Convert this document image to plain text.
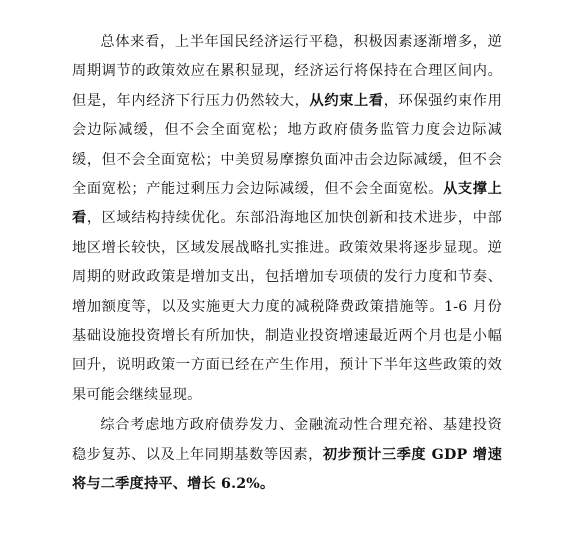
总体来看，上半年国民经济运行平稳，积极因素逐渐增多，逆周期调节的政策效应在累积显现，经济运行将保持在合理区间内。但是，年内经济下行压力仍然较大，从约束上看，环保强约束作用会边际减缓，但不会全面宽松；地方政府债务监管力度会边际减缓，但不会全面宽松；中美贸易摩擦负面冲击会边际减缓，但不会全面宽松；产能过剩压力会边际减缓，但不会全面宽松。从支撑上看，区域结构持续优化。东部沿海地区加快创新和技术进步，中部地区增长较快，区域发展战略扎实推进。政策效果将逐步显现。逆周期的财政政策是增加支出，包括增加专项债的发行力度和节奏、增加额度等，以及实施更大力度的减税降费政策措施等。1-6 月份基础设施投资增长有所加快，制造业投资增速最近两个月也是小幅回升，说明政策一方面已经在产生作用，预计下半年这些政策的效果可能会继续显现。

综合考虑地方政府债券发力、金融流动性合理充裕、基建投资稳步复苏、以及上年同期基数等因素，初步预计三季度 GDP 增速将与二季度持平、增长 6.2%。
